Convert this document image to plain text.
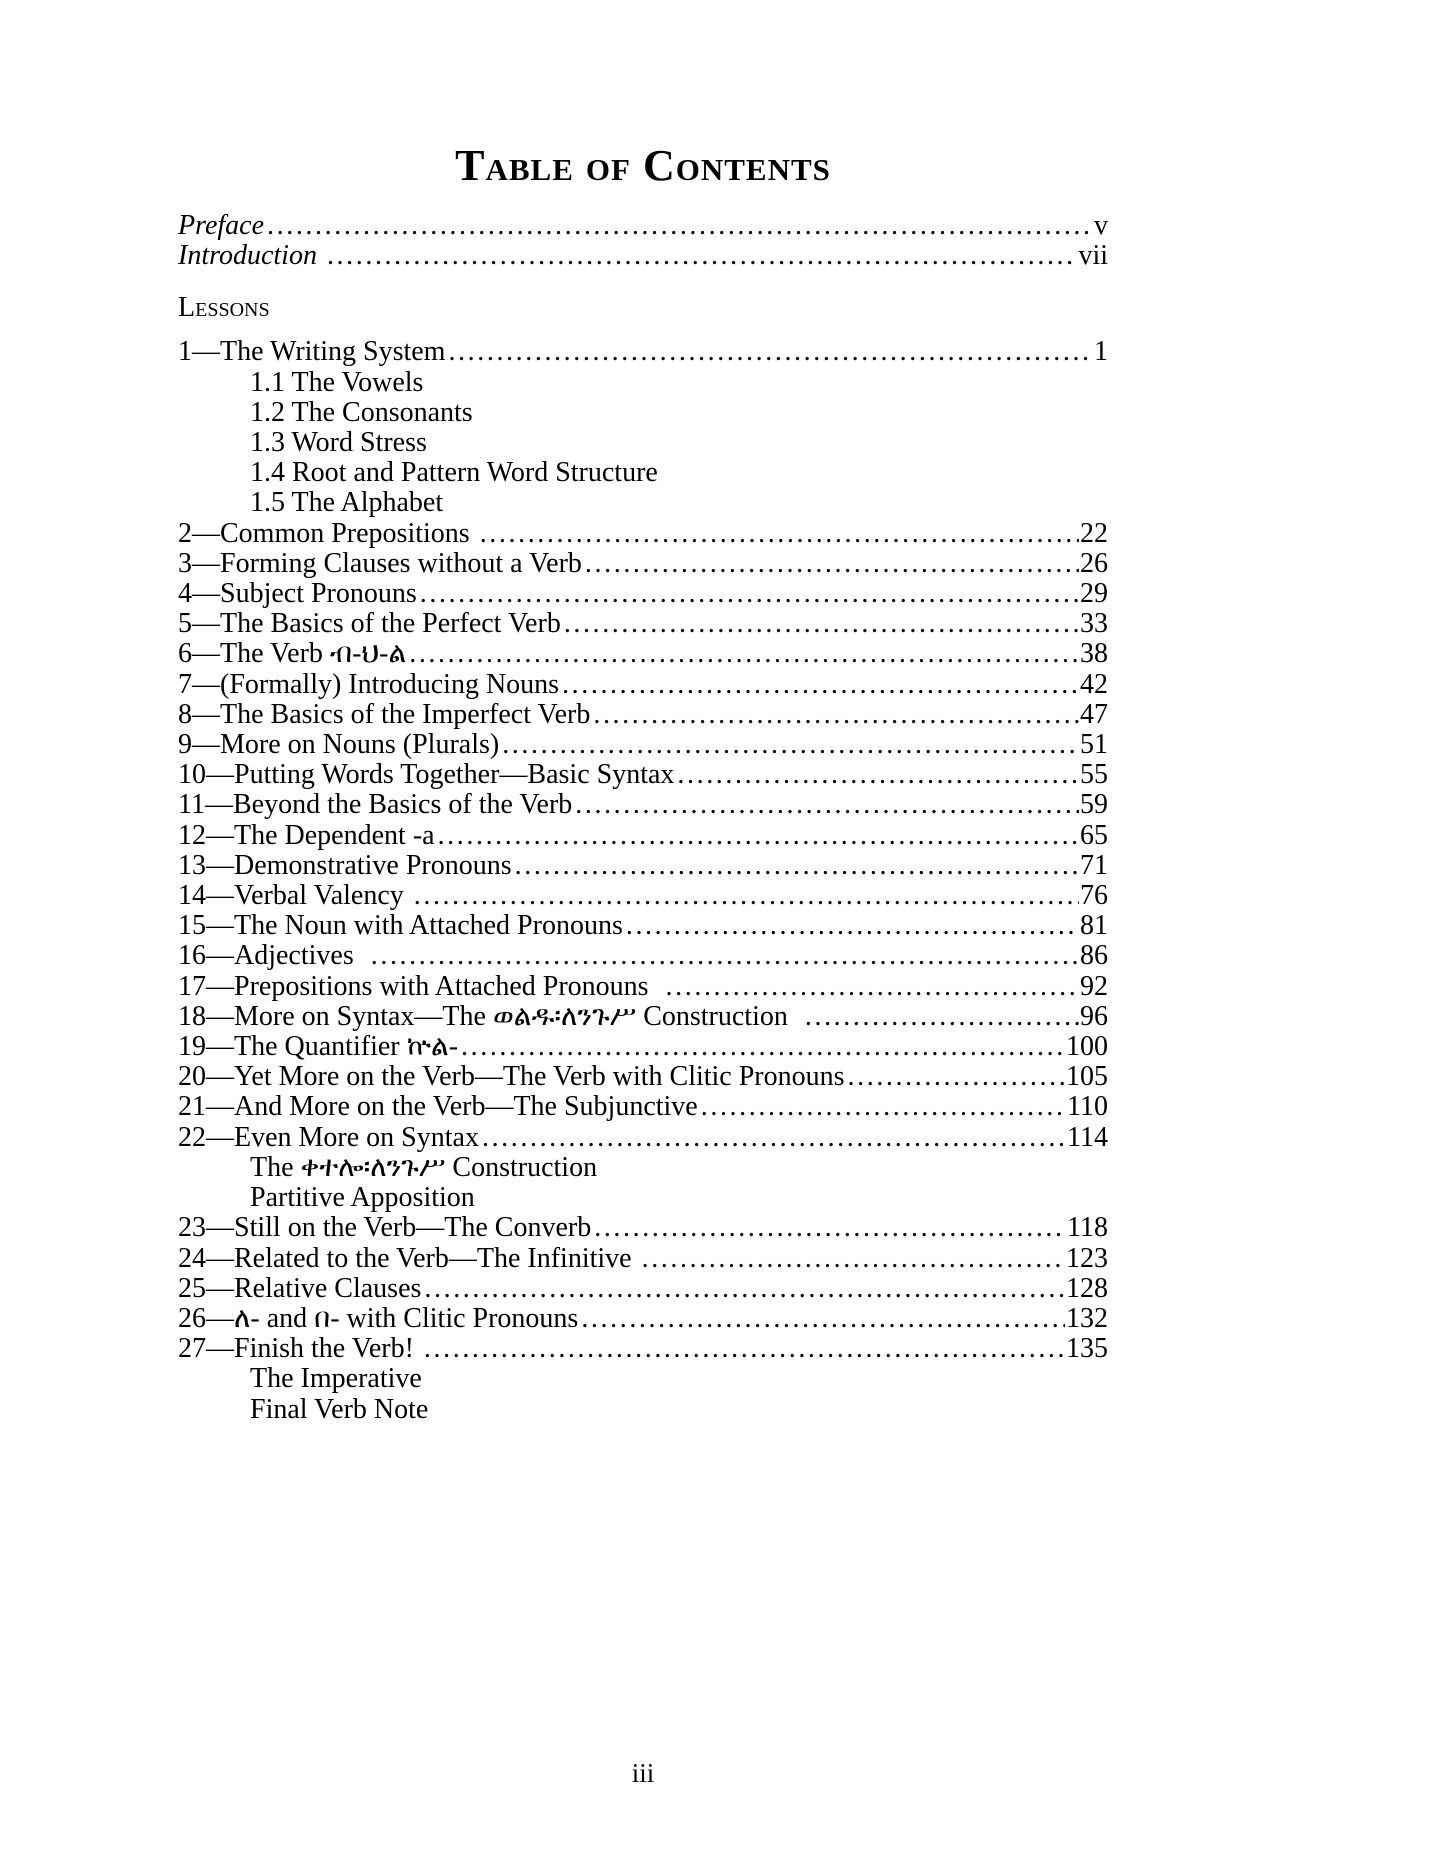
Table of Contents
Preface .....	v
Introduction .....	vii
Lessons
1—The Writing System .....	1
1.1 The Vowels
1.2 The Consonants
1.3 Word Stress
1.4 Root and Pattern Word Structure
1.5 The Alphabet
2—Common Prepositions .....	22
3—Forming Clauses without a Verb .....	26
4—Subject Pronouns .....	29
5—The Basics of the Perfect Verb .....	33
6—The Verb ብ-ህ-ል .....	38
7—(Formally) Introducing Nouns .....	42
8—The Basics of the Imperfect Verb .....	47
9—More on Nouns (Plurals) .....	51
10—Putting Words Together—Basic Syntax .....	55
11—Beyond the Basics of the Verb .....	59
12—The Dependent -a .....	65
13—Demonstrative Pronouns .....	71
14—Verbal Valency .....	76
15—The Noun with Attached Pronouns .....	81
16—Adjectives .....	86
17—Prepositions with Attached Pronouns .....	92
18—More on Syntax—The ወልዱ፡ለንጉሥ Construction .....	96
19—The Quantifier ኵል- .....	100
20—Yet More on the Verb—The Verb with Clitic Pronouns .....	105
21—And More on the Verb—The Subjunctive .....	110
22—Even More on Syntax .....	114
The ቀተሎ፡ለንጉሥ Construction
Partitive Apposition
23—Still on the Verb—The Converb .....	118
24—Related to the Verb—The Infinitive .....	123
25—Relative Clauses .....	128
26—ለ- and በ- with Clitic Pronouns .....	132
27—Finish the Verb! .....	135
The Imperative
Final Verb Note
iii
